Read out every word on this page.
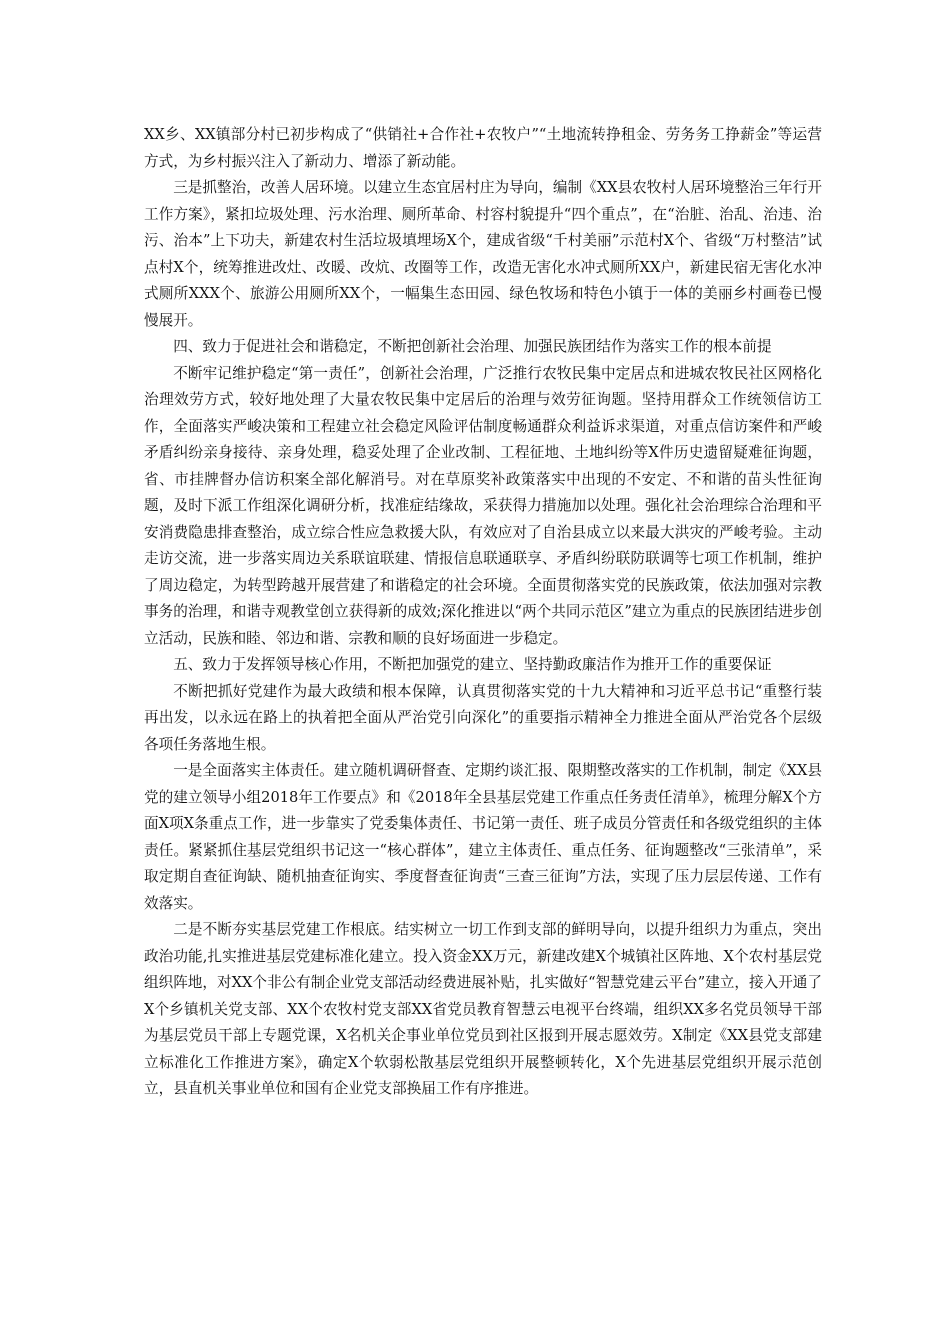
XX乡、XX镇部分村已初步构成了“供销社+合作社+农牧户”“土地流转挣租金、劳务务工挣薪金”等运营方式，为乡村振兴注入了新动力、增添了新动能。

三是抓整治，改善人居环境。以建立生态宜居村庄为导向，编制《XX县农牧村人居环境整治三年行开工作方案》，紧扣垃圾处理、污水治理、厕所革命、村容村貌提升“四个重点”，在“治脏、治乱、治违、治污、治本”上下功夫，新建农村生活垃圾填埋场X个，建成省级“千村美丽”示范村X个、省级“万村整洁”试点村X个，统筹推进改灶、改暖、改炕、改圈等工作，改造无害化水冲式厕所XX户，新建民宿无害化水冲式厕所XXX个、旅游公用厕所XX个，一幅集生态田园、绿色牧场和特色小镇于一体的美丽乡村画卷已慢慢展开。

四、致力于促进社会和谐稳定，不断把创新社会治理、加强民族团结作为落实工作的根本前提

不断牢记维护稳定“第一责任”，创新社会治理，广泛推行农牧民集中定居点和进城农牧民社区网格化治理效劳方式，较好地处理了大量农牧民集中定居后的治理与效劳征询题。坚持用群众工作统领信访工作，全面落实严峻决策和工程建立社会稳定风险评估制度畅通群众利益诉求渠道，对重点信访案件和严峻矛盾纠纷亲身接待、亲身处理，稳妥处理了企业改制、工程征地、土地纠纷等X件历史遗留疑难征询题，省、市挂牌督办信访积案全部化解消号。对在草原奖补政策落实中出现的不安定、不和谐的苗头性征询题，及时下派工作组深化调研分析，找准症结缘故，采获得力措施加以处理。强化社会治理综合治理和平安消费隐患排查整治，成立综合性应急救援大队，有效应对了自治县成立以来最大洪灾的严峻考验。主动走访交流，进一步落实周边关系联谊联建、情报信息联通联享、矛盾纠纷联防联调等七项工作机制，维护了周边稳定，为转型跨越开展营建了和谐稳定的社会环境。全面贯彻落实党的民族政策，依法加强对宗教事务的治理，和谐寺观教堂创立获得新的成效;深化推进以“两个共同示范区”建立为重点的民族团结进步创立活动，民族和睦、邻边和谐、宗教和顺的良好场面进一步稳定。

五、致力于发挥领导核心作用，不断把加强党的建立、坚持勤政廉洁作为推开工作的重要保证

不断把抓好党建作为最大政绩和根本保障，认真贯彻落实党的十九大精神和习近平总书记“重整行装再出发，以永远在路上的执着把全面从严治党引向深化”的重要指示精神全力推进全面从严治党各个层级各项任务落地生根。

一是全面落实主体责任。建立随机调研督查、定期约谈汇报、限期整改落实的工作机制，制定《XX县党的建立领导小组2018年工作要点》和《2018年全县基层党建工作重点任务责任清单》，梳理分解X个方面X项X条重点工作，进一步靠实了党委集体责任、书记第一责任、班子成员分管责任和各级党组织的主体责任。紧紧抓住基层党组织书记这一“核心群体”，建立主体责任、重点任务、征询题整改“三张清单”，采取定期自查征询缺、随机抽查征询实、季度督查征询责“三查三征询”方法，实现了压力层层传递、工作有效落实。

二是不断夯实基层党建工作根底。结实树立一切工作到支部的鲜明导向，以提升组织力为重点，突出政治功能,扎实推进基层党建标准化建立。投入资金XX万元，新建改建X个城镇社区阵地、X个农村基层党组织阵地，对XX个非公有制企业党支部活动经费进展补贴，扎实做好“智慧党建云平台”建立，接入开通了X个乡镇机关党支部、XX个农牧村党支部XX省党员教育智慧云电视平台终端，组织XX多名党员领导干部为基层党员干部上专题党课，X名机关企事业单位党员到社区报到开展志愿效劳。X制定《XX县党支部建立标准化工作推进方案》，确定X个软弱松散基层党组织开展整顿转化，X个先进基层党组织开展示范创立，县直机关事业单位和国有企业党支部换届工作有序推进。
